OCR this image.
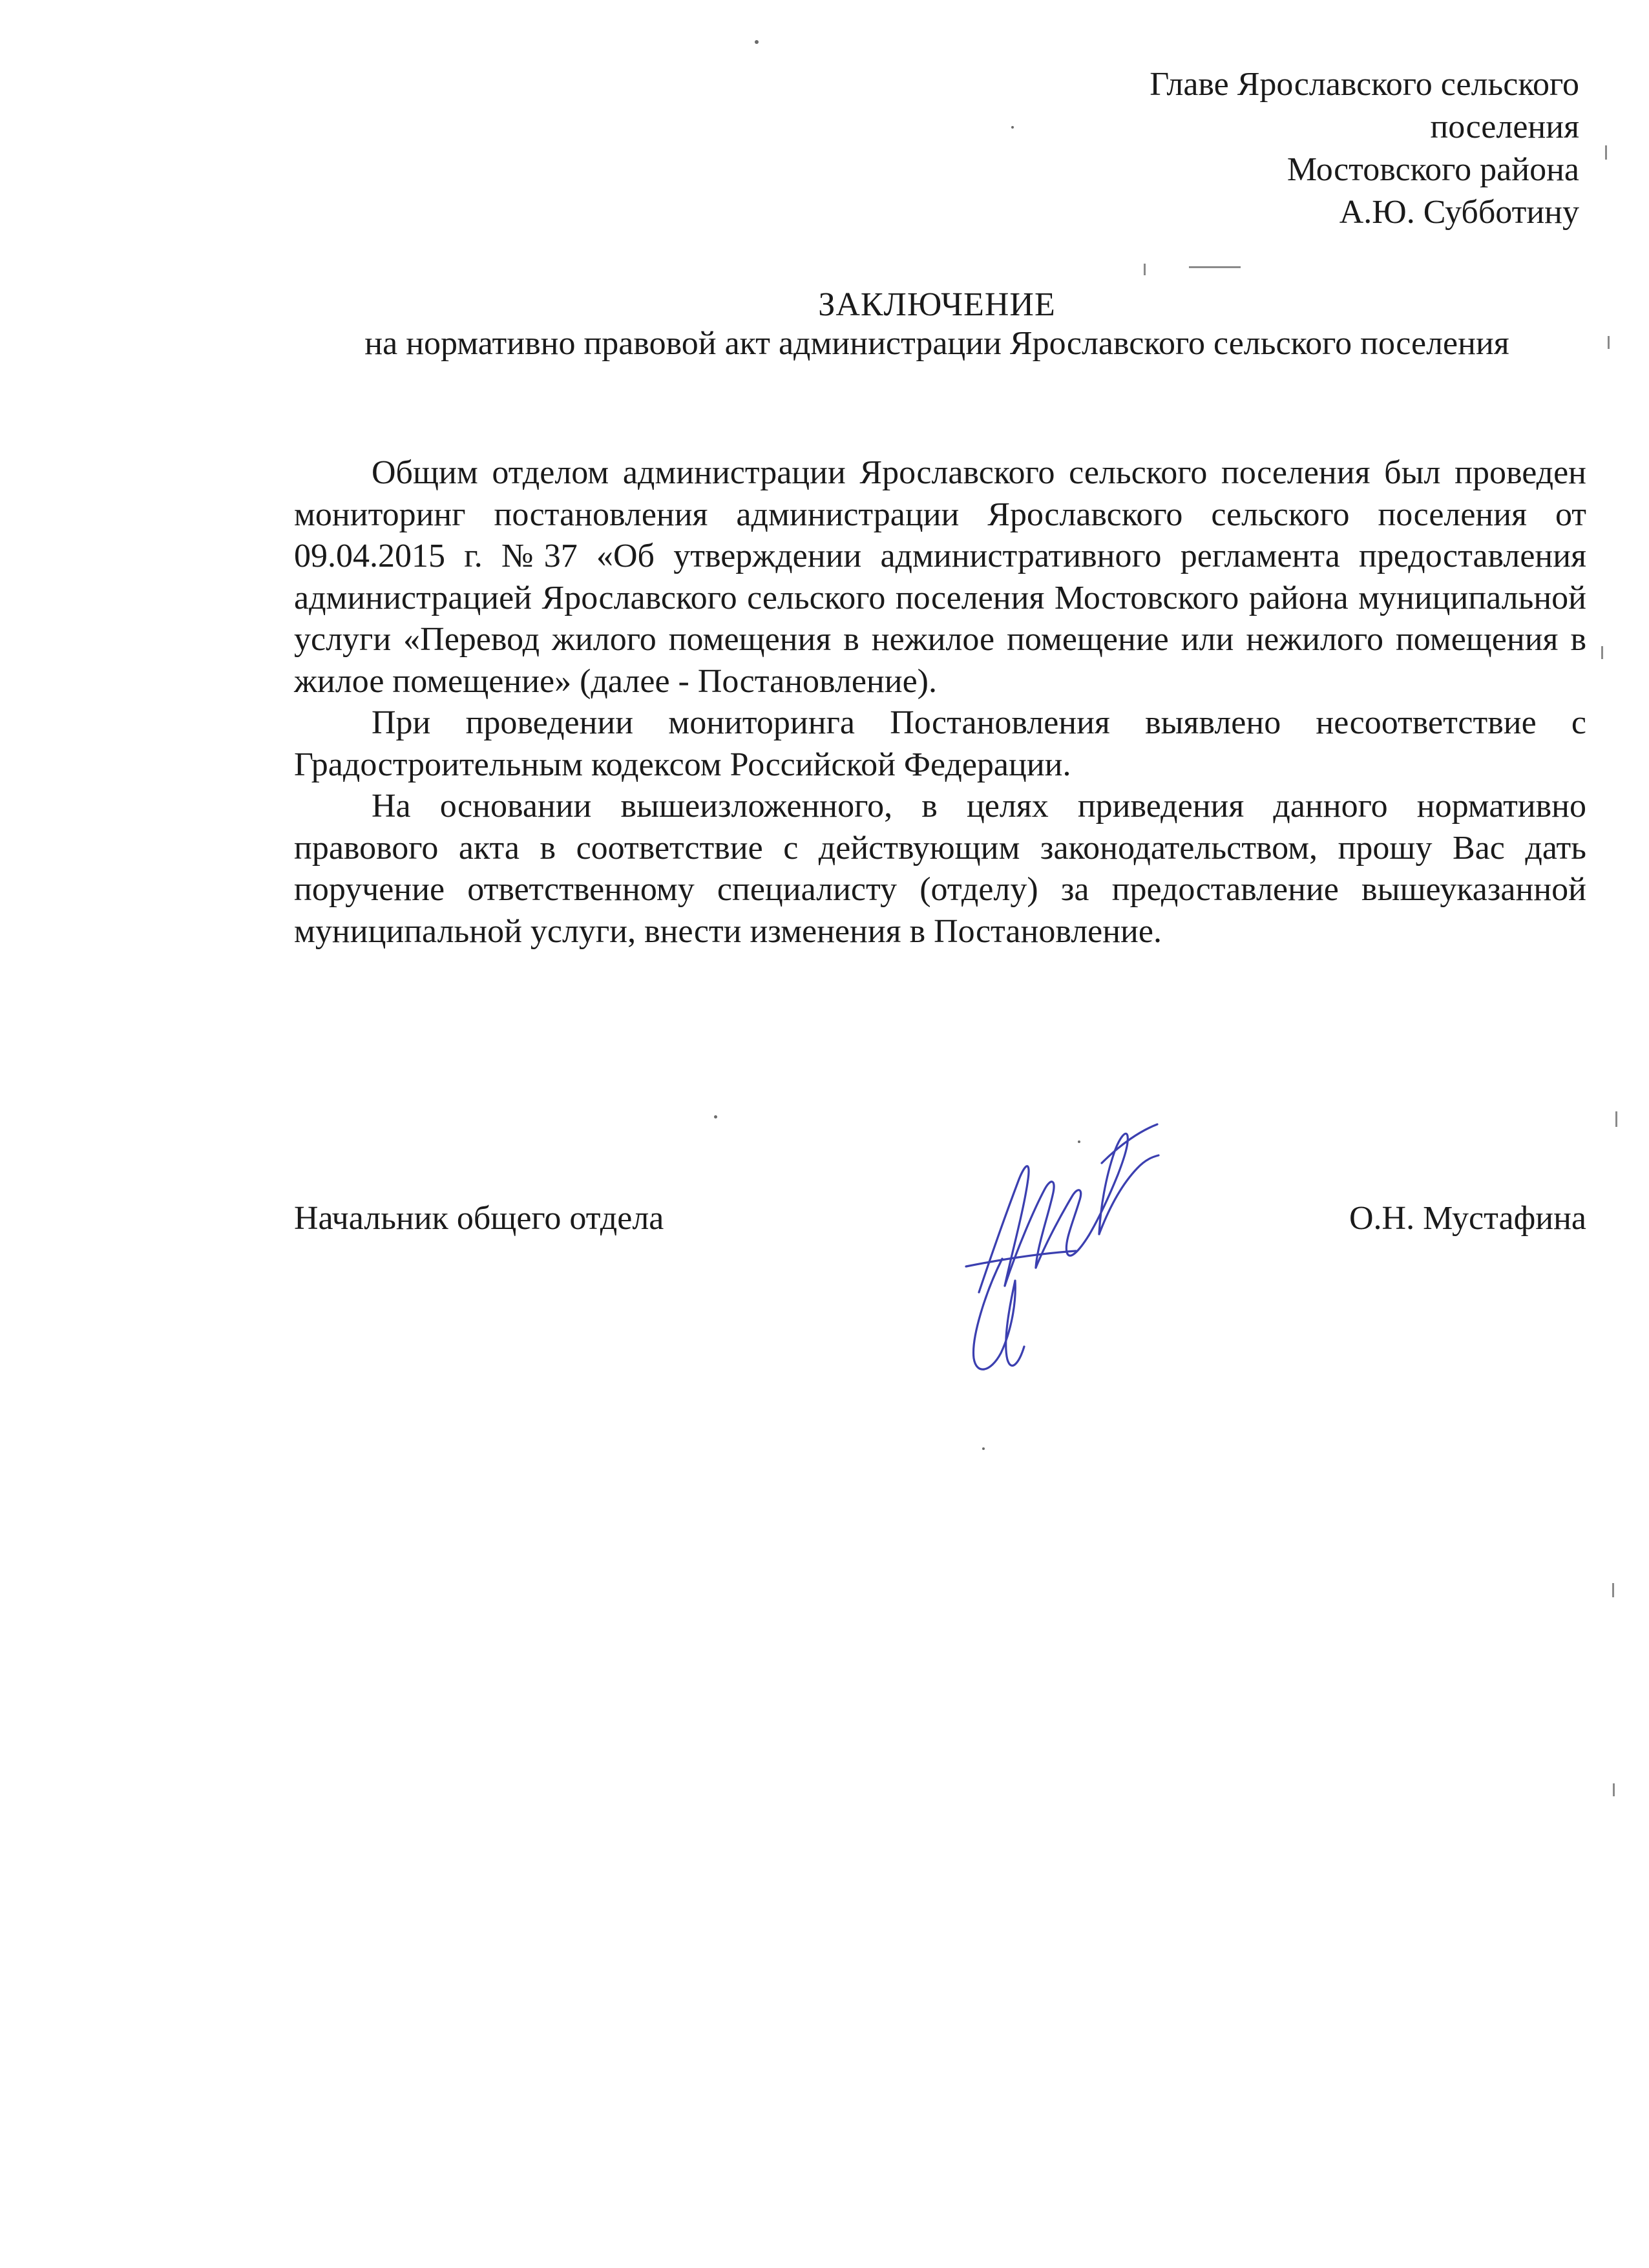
Главе Ярославского сельского
поселения
Мостовского района
А.Ю. Субботину
ЗАКЛЮЧЕНИЕ
на нормативно правовой акт администрации Ярославского сельского поселения

Общим отделом администрации Ярославского сельского поселения был проведен мониторинг постановления администрации Ярославского сельского поселения от 09.04.2015 г. №37 «Об утверждении административного регламента предоставления администрацией Ярославского сельского поселения Мостовского района муниципальной услуги «Перевод жилого помещения в нежилое помещение или нежилого помещения в жилое помещение» (далее - Постановление).

При проведении мониторинга Постановления выявлено несоответствие с Градостроительным кодексом Российской Федерации.

На основании вышеизложенного, в целях приведения данного нормативно правового акта в соответствие с действующим законодательством, прошу Вас дать поручение ответственному специалисту (отделу) за предоставление вышеуказанной муниципальной услуги, внести изменения в Постановление.

Начальник общего отдела	О.Н. Мустафина
